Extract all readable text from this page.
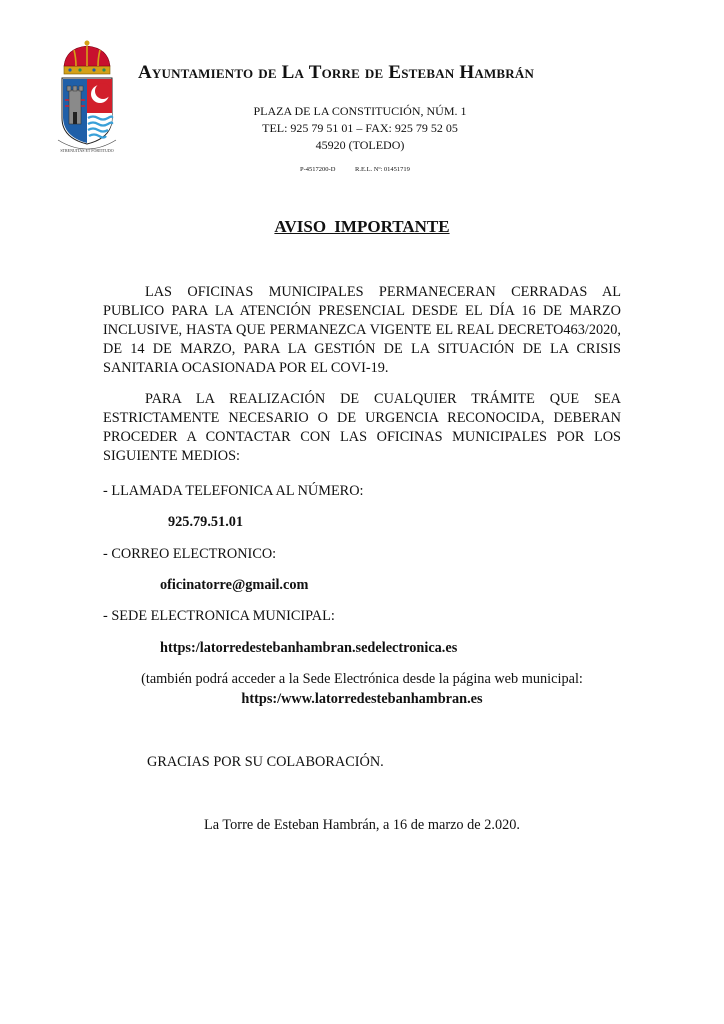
STRENUITAS ET FORTITUDO
Ayuntamiento de La Torre de Esteban Hambrán
PLAZA DE LA CONSTITUCIÓN, NÚM. 1
TEL: 925 79 51 01 – FAX: 925 79 52 05
45920 (TOLEDO)
P-4517200-D	R.E.L. Nº: 01451719
AVISO IMPORTANTE
LAS OFICINAS MUNICIPALES PERMANECERAN CERRADAS AL PUBLICO PARA LA ATENCIÓN PRESENCIAL DESDE EL DÍA 16 DE MARZO INCLUSIVE, HASTA QUE PERMANEZCA VIGENTE EL REAL DECRETO463/2020, DE 14 DE MARZO, PARA LA GESTIÓN DE LA SITUACIÓN DE LA CRISIS SANITARIA OCASIONADA POR EL COVI-19.
PARA LA REALIZACIÓN DE CUALQUIER TRÁMITE QUE SEA ESTRICTAMENTE NECESARIO O DE URGENCIA RECONOCIDA, DEBERAN PROCEDER A CONTACTAR CON LAS OFICINAS MUNICIPALES POR LOS SIGUIENTE MEDIOS:
- LLAMADA TELEFONICA AL NÚMERO:
925.79.51.01
- CORREO ELECTRONICO:
oficinatorre@gmail.com
- SEDE ELECTRONICA MUNICIPAL:
https:/latorredestebanhambran.sedelectronica.es
(también podrá acceder a la Sede Electrónica desde la página web municipal:
https:/www.latorredestebanhambran.es
GRACIAS POR SU COLABORACIÓN.
La Torre de Esteban Hambrán, a 16 de marzo de 2.020.
